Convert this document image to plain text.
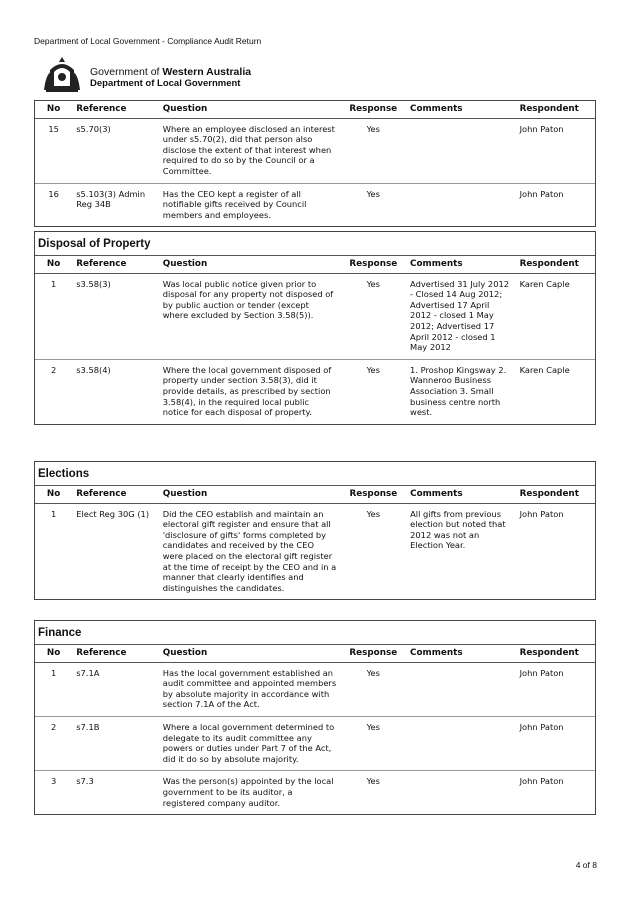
Department of Local Government - Compliance Audit Return
Government of Western Australia
Department of Local Government
No	Reference	Question	Response	Comments	Respondent
15	s5.70(3)	Where an employee disclosed an interest under s5.70(2), did that person also disclose the extent of that interest when required to do so by the Council or a Committee.	Yes		John Paton
16	s5.103(3) Admin Reg 34B	Has the CEO kept a register of all notifiable gifts received by Council members and employees.	Yes		John Paton
Disposal of Property
No	Reference	Question	Response	Comments	Respondent
1	s3.58(3)	Was local public notice given prior to disposal for any property not disposed of by public auction or tender (except where excluded by Section 3.58(5)).	Yes	Advertised 31 July 2012 - Closed 14 Aug 2012; Advertised 17 April 2012 - closed 1 May 2012; Advertised 17 April 2012 - closed 1 May 2012	Karen Caple
2	s3.58(4)	Where the local government disposed of property under section 3.58(3), did it provide details, as prescribed by section 3.58(4), in the required local public notice for each disposal of property.	Yes	1. Proshop Kingsway 2. Wanneroo Business Association 3. Small business centre north west.	Karen Caple
Elections
No	Reference	Question	Response	Comments	Respondent
1	Elect Reg 30G (1)	Did the CEO establish and maintain an electoral gift register and ensure that all 'disclosure of gifts' forms completed by candidates and received by the CEO were placed on the electoral gift register at the time of receipt by the CEO and in a manner that clearly identifies and distinguishes the candidates.	Yes	All gifts from previous election but noted that 2012 was not an Election Year.	John Paton
Finance
No	Reference	Question	Response	Comments	Respondent
1	s7.1A	Has the local government established an audit committee and appointed members by absolute majority in accordance with section 7.1A of the Act.	Yes		John Paton
2	s7.1B	Where a local government determined to delegate to its audit committee any powers or duties under Part 7 of the Act, did it do so by absolute majority.	Yes		John Paton
3	s7.3	Was the person(s) appointed by the local government to be its auditor, a registered company auditor.	Yes		John Paton
4 of 8
